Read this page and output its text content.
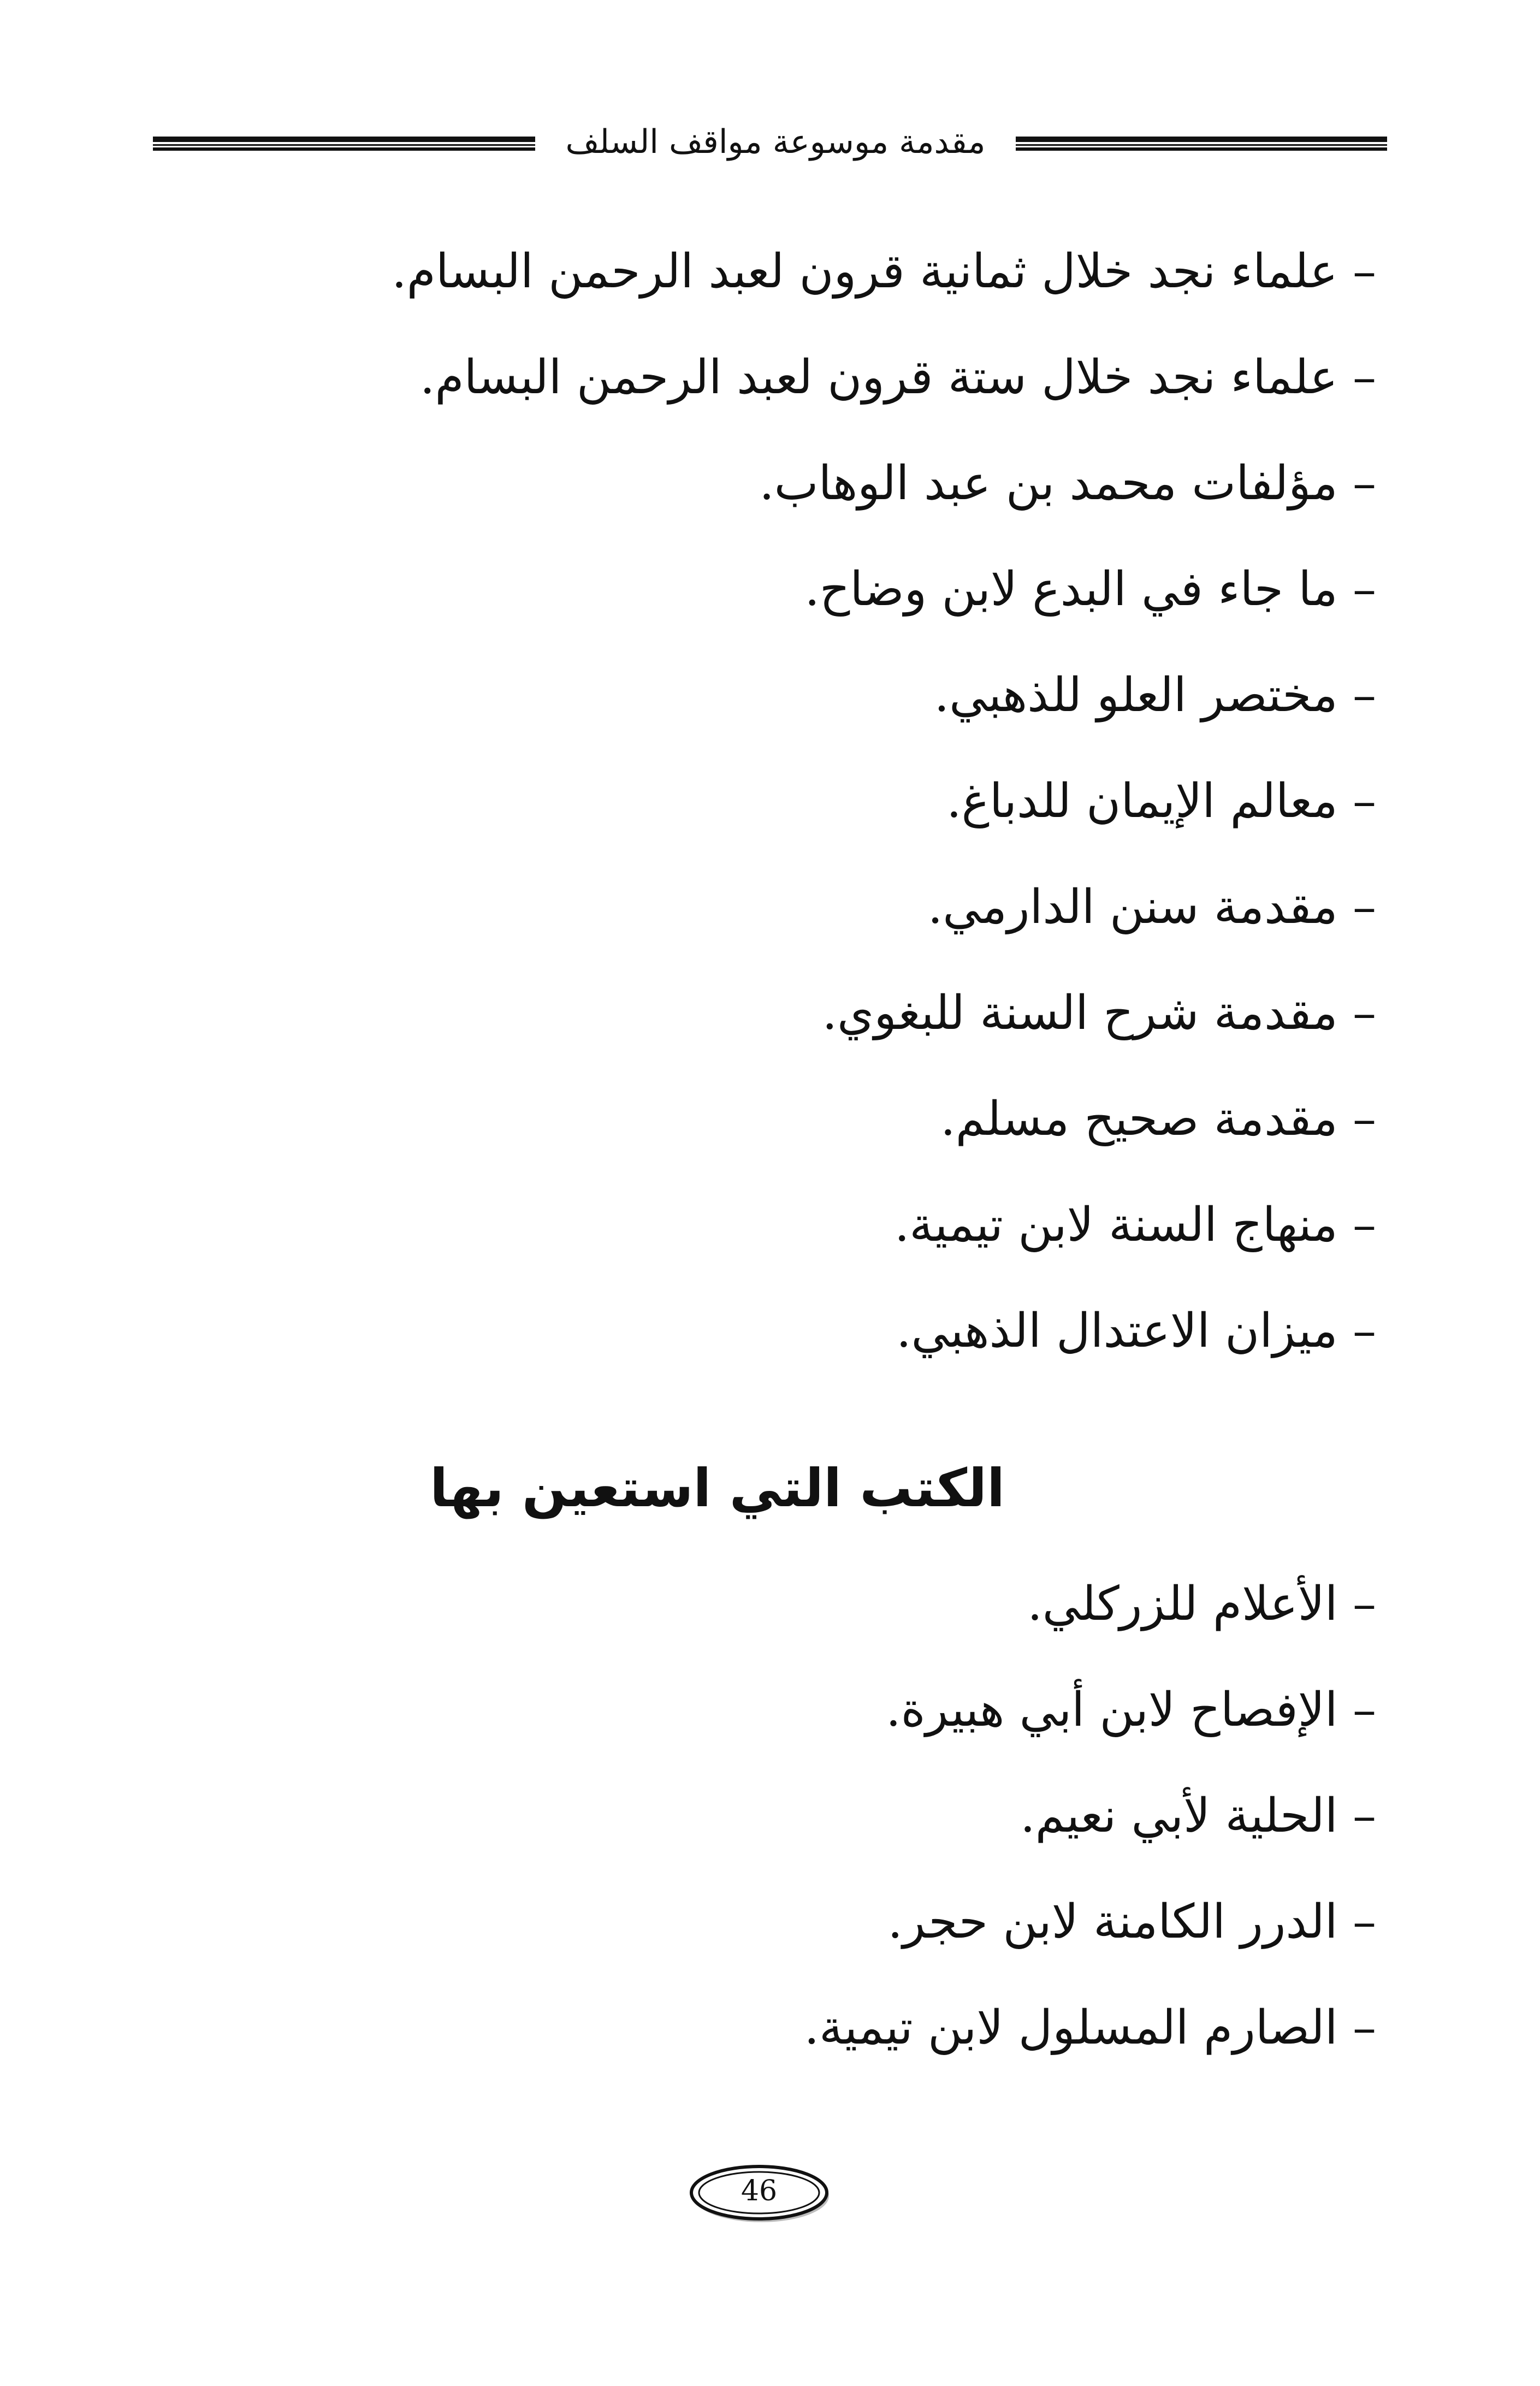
مقدمة موسوعة مواقف السلف
– علماء نجد خلال ثمانية قرون لعبد الرحمن البسام.
– علماء نجد خلال ستة قرون لعبد الرحمن البسام.
– مؤلفات محمد بن عبد الوهاب.
– ما جاء في البدع لابن وضاح.
– مختصر العلو للذهبي.
– معالم الإيمان للدباغ.
– مقدمة سنن الدارمي.
– مقدمة شرح السنة للبغوي.
– مقدمة صحيح مسلم.
– منهاج السنة لابن تيمية.
– ميزان الاعتدال الذهبي.
الكتب التي استعين بها
– الأعلام للزركلي.
– الإفصاح لابن أبي هبيرة.
– الحلية لأبي نعيم.
– الدرر الكامنة لابن حجر.
– الصارم المسلول لابن تيمية.
46
